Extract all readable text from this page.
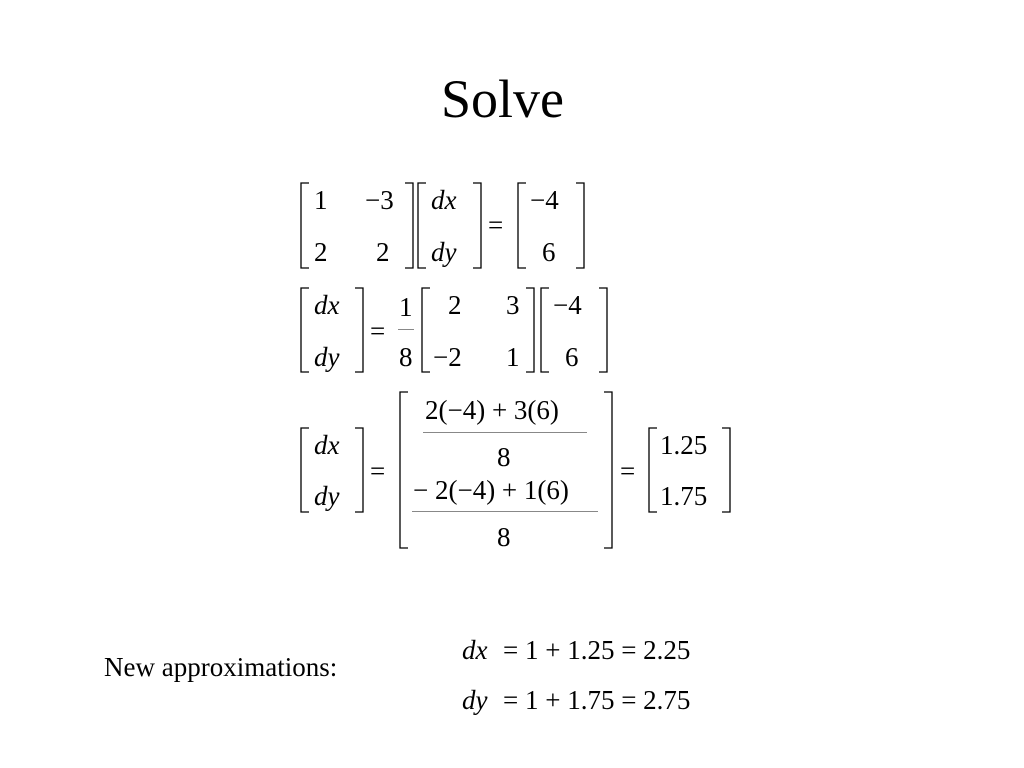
Solve
1 −3
2 2
dx
dy
=
−4
6
dx
dy
=
1
8
2 3
−2 1
−4
6
dx
dy
=
2(−4) + 3(6)
8
− 2(−4) + 1(6)
8
=
1.25
1.75
New approximations:
dx = 1 + 1.25 = 2.25
dy = 1 + 1.75 = 2.75
